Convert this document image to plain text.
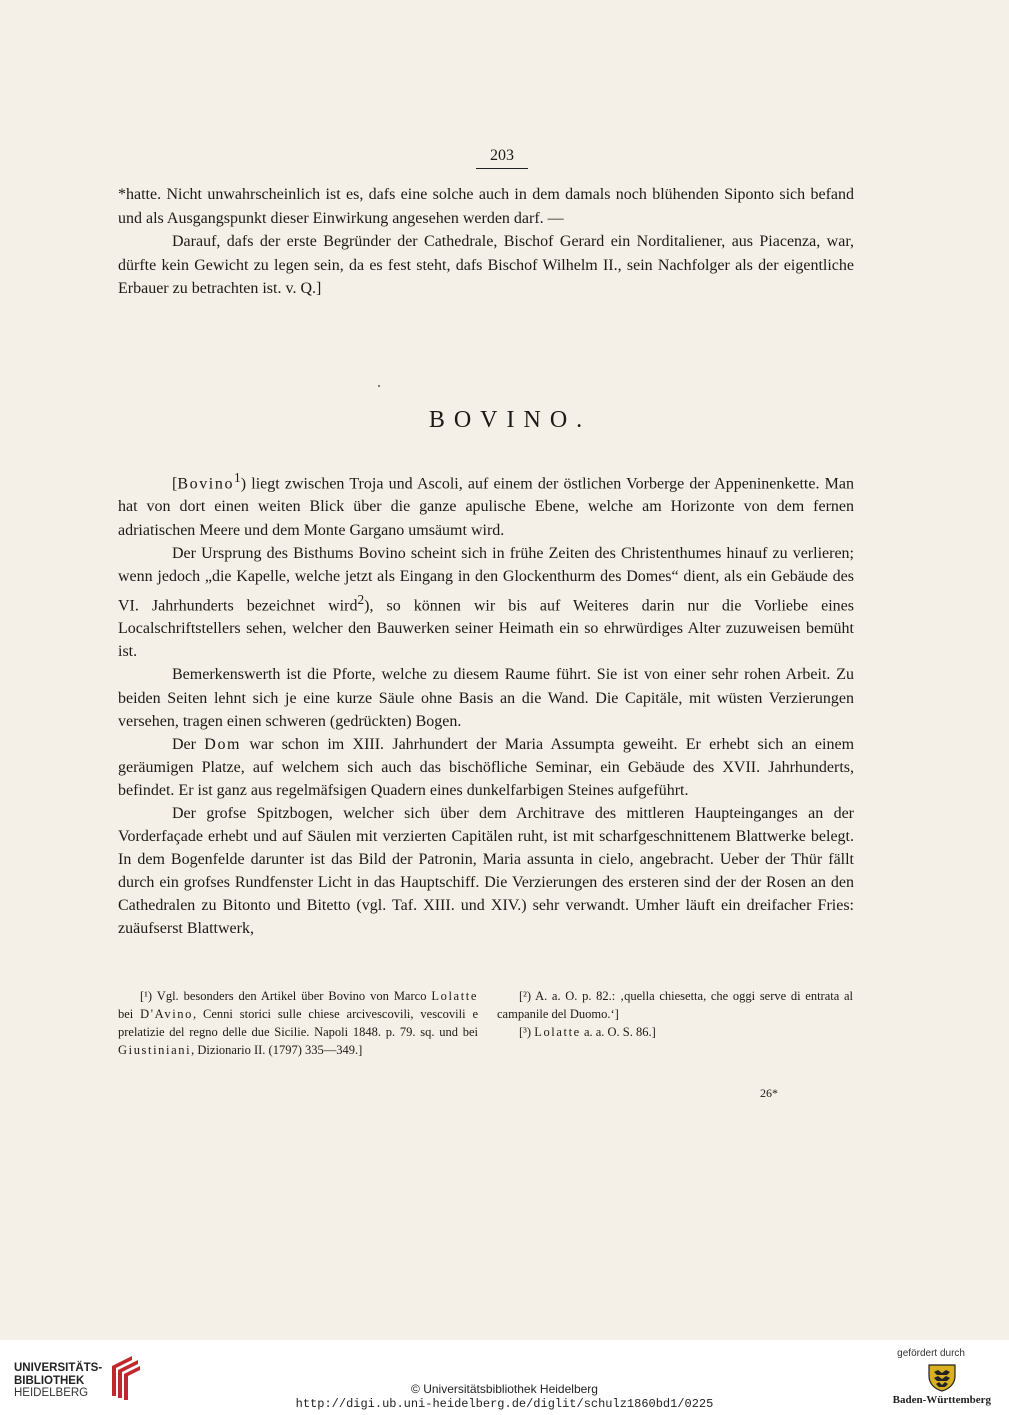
203

*hatte. Nicht unwahrscheinlich ist es, dafs eine solche auch in dem damals noch blühenden Siponto sich befand und als Ausgangspunkt dieser Einwirkung angesehen werden darf. —

Darauf, dafs der erste Begründer der Cathedrale, Bischof Gerard ein Norditaliener, aus Piacenza, war, dürfte kein Gewicht zu legen sein, da es fest steht, dafs Bischof Wilhelm II., sein Nachfolger als der eigentliche Erbauer zu betrachten ist. v. Q.]

BOVINO.

[Bovino$^1$) liegt zwischen Troja und Ascoli, auf einem der östlichen Vorberge der Appeninenkette. Man hat von dort einen weiten Blick über die ganze apulische Ebene, welche am Horizonte von dem fernen adriatischen Meere und dem Monte Gargano umsäumt wird.

Der Ursprung des Bisthums Bovino scheint sich in frühe Zeiten des Christenthumes hinauf zu verlieren; wenn jedoch „die Kapelle, welche jetzt als Eingang in den Glockenthurm des Domes“ dient, als ein Gebäude des VI. Jahrhunderts bezeichnet wird$^2$), so können wir bis auf Weiteres darin nur die Vorliebe eines Localschriftstellers sehen, welcher den Bauwerken seiner Heimath ein so ehrwürdiges Alter zuzuweisen bemüht ist.

Bemerkenswerth ist die Pforte, welche zu diesem Raume führt. Sie ist von einer sehr rohen Arbeit. Zu beiden Seiten lehnt sich je eine kurze Säule ohne Basis an die Wand. Die Capitäle, mit wüsten Verzierungen versehen, tragen einen schweren (gedrückten) Bogen.

Der Dom war schon im XIII. Jahrhundert der Maria Assumpta geweiht. Er erhebt sich an einem geräumigen Platze, auf welchem sich auch das bischöfliche Seminar, ein Gebäude des XVII. Jahrhunderts, befindet. Er ist ganz aus regelmäfsigen Quadern eines dunkelfarbigen Steines aufgeführt.

Der grofse Spitzbogen, welcher sich über dem Architrave des mittleren Haupteinganges an der Vorderfaçade erhebt und auf Säulen mit verzierten Capitälen ruht, ist mit scharfgeschnittenem Blattwerke belegt. In dem Bogenfelde darunter ist das Bild der Patronin, Maria assunta in cielo, angebracht. Ueber der Thür fällt durch ein grofses Rundfenster Licht in das Hauptschiff. Die Verzierungen des ersteren sind der der Rosen an den Cathedralen zu Bitonto und Bitetto (vgl. Taf. XIII. und XIV.) sehr verwandt. Umher läuft ein dreifacher Fries: zuäufserst Blattwerk,

[¹) Vgl. besonders den Artikel über Bovino von Marco Lolatte bei D'Avino, Cenni storici sulle chiese arcivescovili, vescovili e prelatizie del regno delle due Sicilie. Napoli 1848. p. 79. sq. und bei Giustiniani, Dizionario II. (1797) 335—349.]

[²) A. a. O. p. 82.: ‚quella chiesetta, che oggi serve di entrata al campanile del Duomo.‘]

[³) Lolatte a. a. O. S. 86.]

26*
UNIVERSITÄTS-
BIBLIOTHEK
HEIDELBERG	© Universitätsbibliothek Heidelberg
http://digi.ub.uni-heidelberg.de/diglit/schulz1860bd1/0225
gefördert durch
Baden-Württemberg
